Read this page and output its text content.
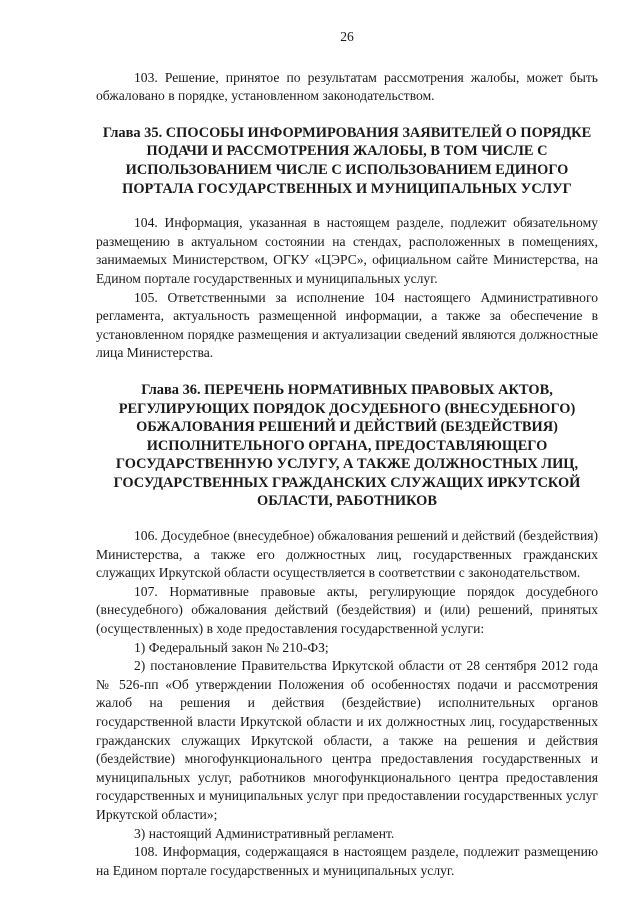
26

103. Решение, принятое по результатам рассмотрения жалобы, может быть обжаловано в порядке, установленном законодательством.

Глава 35. СПОСОБЫ ИНФОРМИРОВАНИЯ ЗАЯВИТЕЛЕЙ О ПОРЯДКЕ ПОДАЧИ И РАССМОТРЕНИЯ ЖАЛОБЫ, В ТОМ ЧИСЛЕ С ИСПОЛЬЗОВАНИЕМ ЧИСЛЕ С ИСПОЛЬЗОВАНИЕМ ЕДИНОГО ПОРТАЛА ГОСУДАРСТВЕННЫХ И МУНИЦИПАЛЬНЫХ УСЛУГ

104. Информация, указанная в настоящем разделе, подлежит обязательному размещению в актуальном состоянии на стендах, расположенных в помещениях, занимаемых Министерством, ОГКУ «ЦЭРС», официальном сайте Министерства, на Едином портале государственных и муниципальных услуг.

105. Ответственными за исполнение 104 настоящего Административного регламента, актуальность размещенной информации, а также за обеспечение в установленном порядке размещения и актуализации сведений являются должностные лица Министерства.

Глава 36. ПЕРЕЧЕНЬ НОРМАТИВНЫХ ПРАВОВЫХ АКТОВ, РЕГУЛИРУЮЩИХ ПОРЯДОК ДОСУДЕБНОГО (ВНЕСУДЕБНОГО) ОБЖАЛОВАНИЯ РЕШЕНИЙ И ДЕЙСТВИЙ (БЕЗДЕЙСТВИЯ) ИСПОЛНИТЕЛЬНОГО ОРГАНА, ПРЕДОСТАВЛЯЮЩЕГО ГОСУДАРСТВЕННУЮ УСЛУГУ, А ТАКЖЕ ДОЛЖНОСТНЫХ ЛИЦ, ГОСУДАРСТВЕННЫХ ГРАЖДАНСКИХ СЛУЖАЩИХ ИРКУТСКОЙ ОБЛАСТИ, РАБОТНИКОВ

106. Досудебное (внесудебное) обжалования решений и действий (бездействия) Министерства, а также его должностных лиц, государственных гражданских служащих Иркутской области осуществляется в соответствии с законодательством.

107. Нормативные правовые акты, регулирующие порядок досудебного (внесудебного) обжалования действий (бездействия) и (или) решений, принятых (осуществленных) в ходе предоставления государственной услуги:

1) Федеральный закон № 210-ФЗ;

2) постановление Правительства Иркутской области от 28 сентября 2012 года № 526-пп «Об утверждении Положения об особенностях подачи и рассмотрения жалоб на решения и действия (бездействие) исполнительных органов государственной власти Иркутской области и их должностных лиц, государственных гражданских служащих Иркутской области, а также на решения и действия (бездействие) многофункционального центра предоставления государственных и муниципальных услуг, работников многофункционального центра предоставления государственных и муниципальных услуг при предоставлении государственных услуг Иркутской области»;

3) настоящий Административный регламент.

108. Информация, содержащаяся в настоящем разделе, подлежит размещению на Едином портале государственных и муниципальных услуг.
